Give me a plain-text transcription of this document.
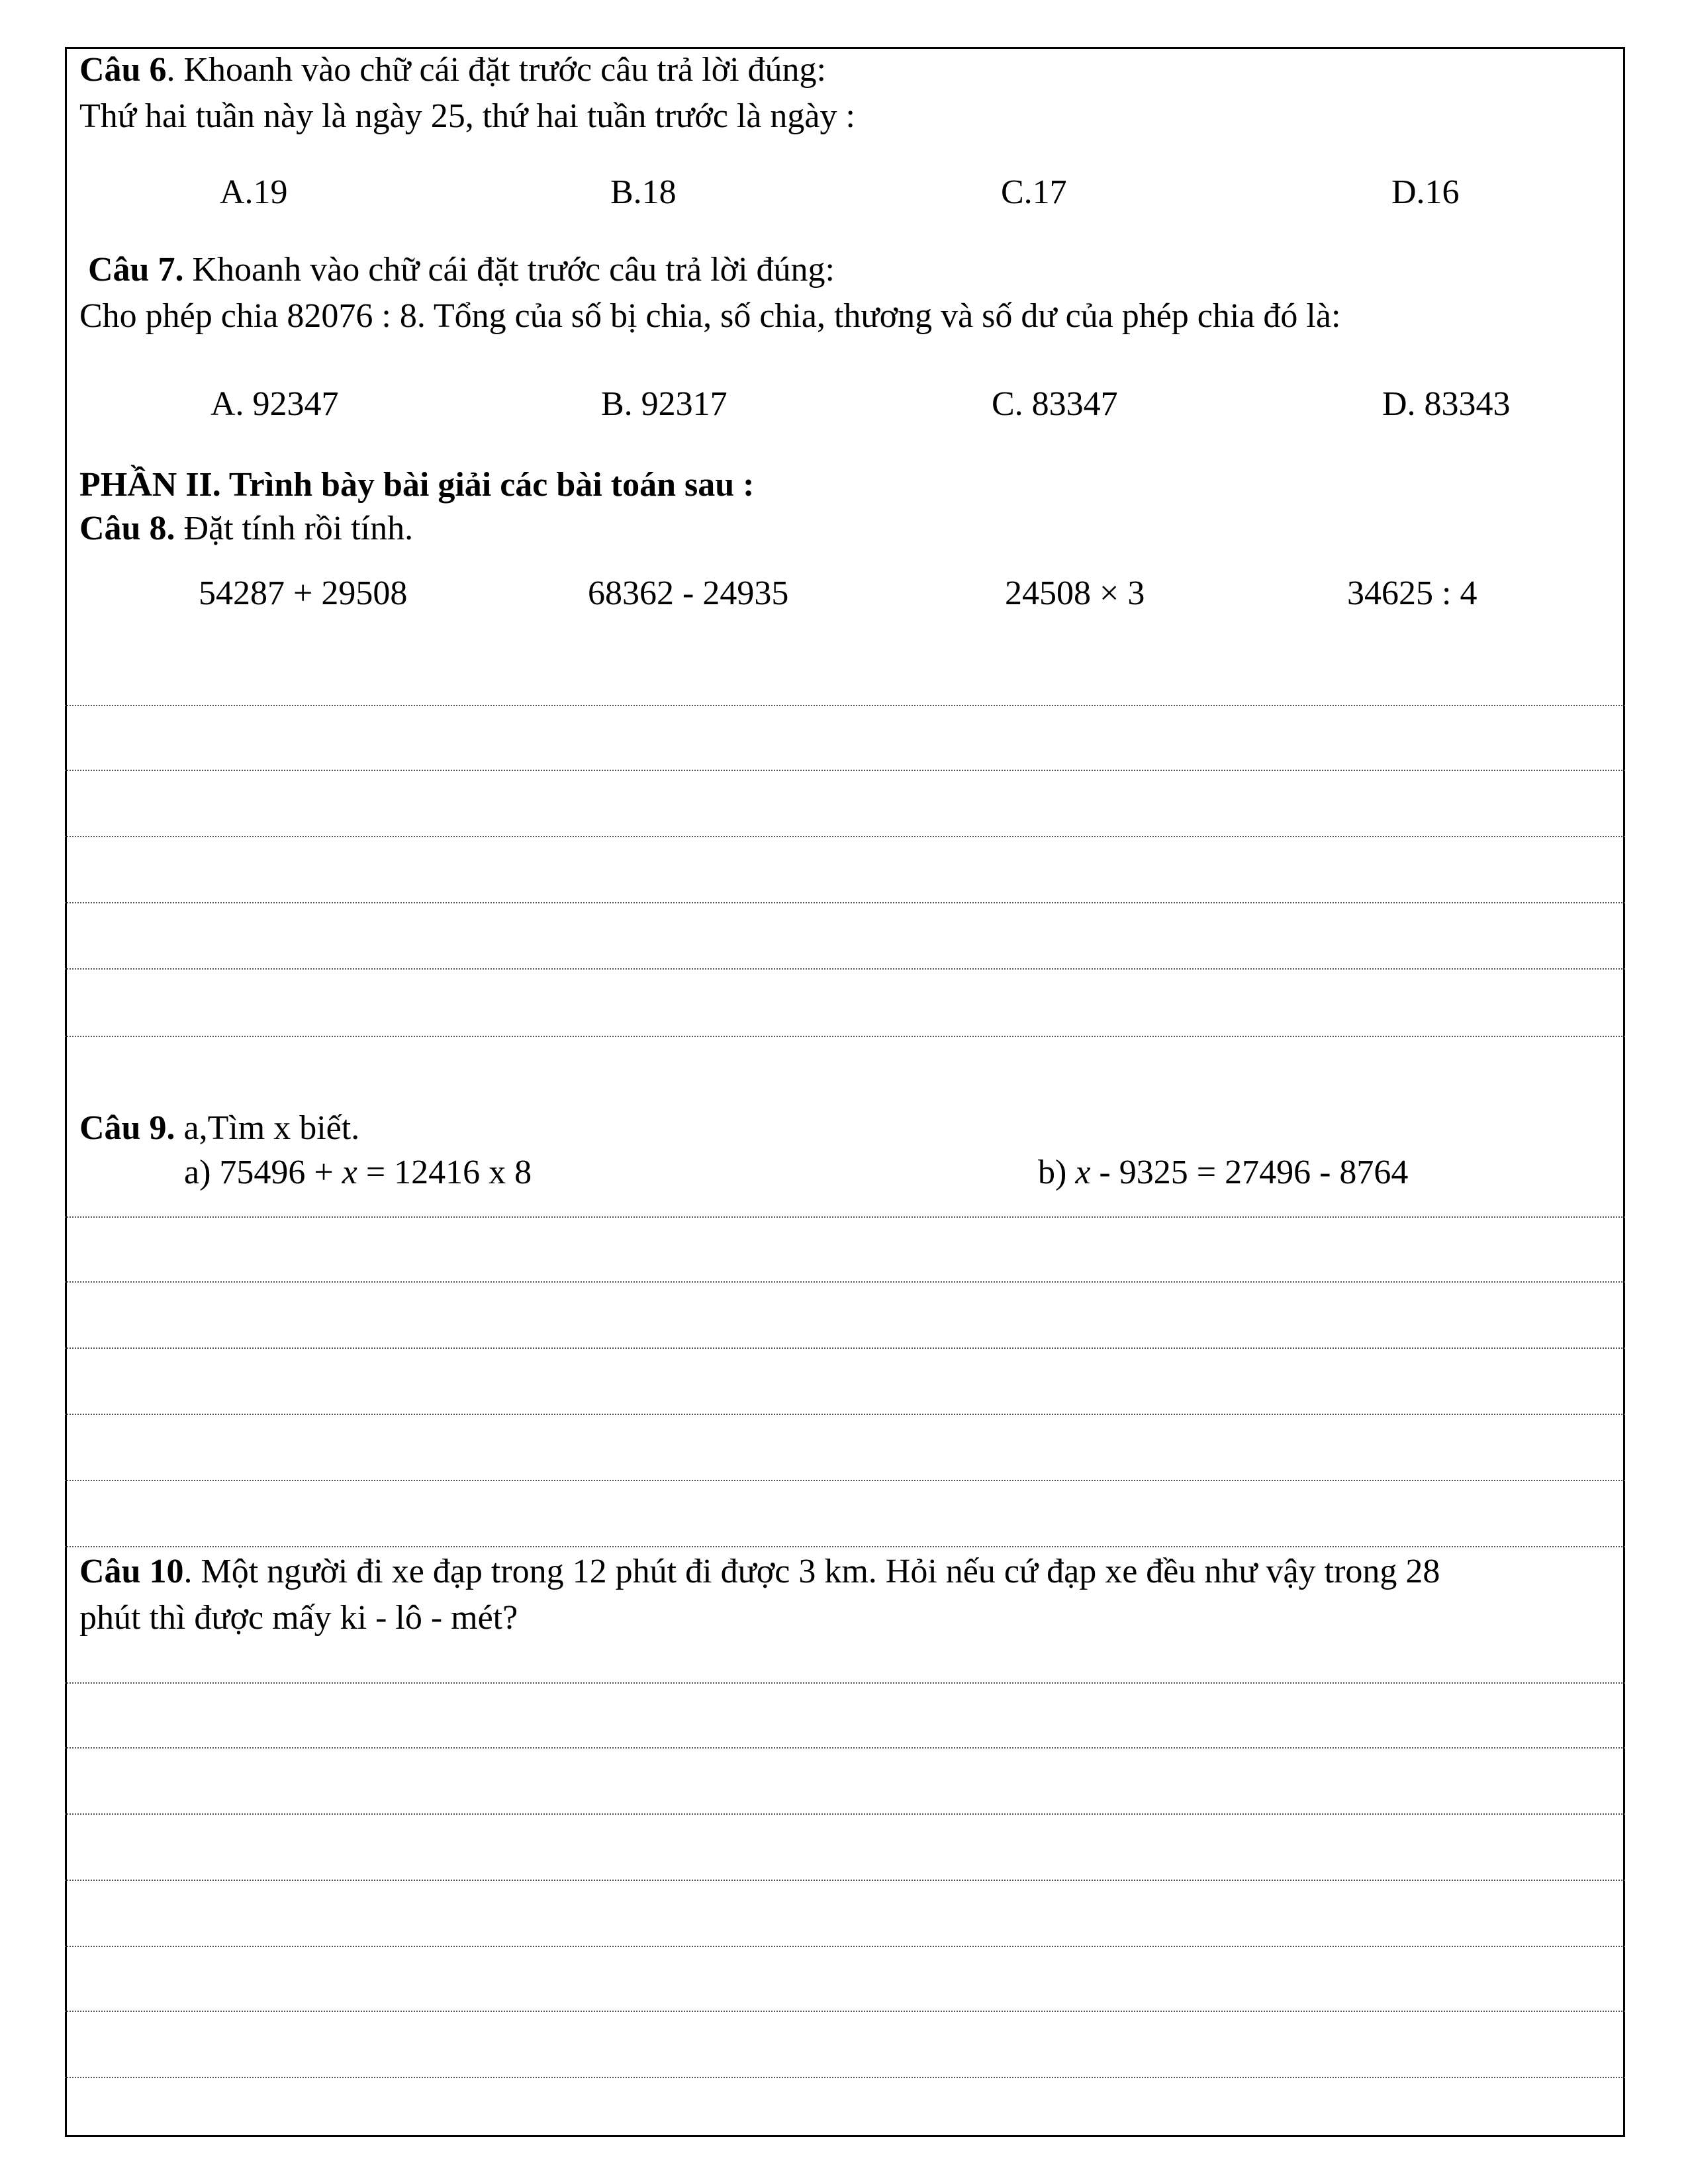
Câu 6. Khoanh vào chữ cái đặt trước câu trả lời đúng:

Thứ hai tuần này là ngày 25, thứ hai tuần trước là ngày :

A.19	B.18	C.17	D.16

Câu 7. Khoanh vào chữ cái đặt trước câu trả lời đúng:

Cho phép chia 82076 : 8. Tổng của số bị chia, số chia, thương và số dư của phép chia đó là:

A. 92347	B. 92317	C. 83347	D. 83343

PHẦN II. Trình bày bài giải các bài toán sau :

Câu 8. Đặt tính rồi tính.

54287 + 29508	68362 - 24935	24508 × 3	34625 : 4

Câu 9. a,Tìm x biết.

a) 75496 + x = 12416 x 8	b) x - 9325 = 27496 - 8764

Câu 10. Một người đi xe đạp trong 12 phút đi được 3 km. Hỏi nếu cứ đạp xe đều như vậy trong 28

phút thì được mấy ki - lô - mét?
